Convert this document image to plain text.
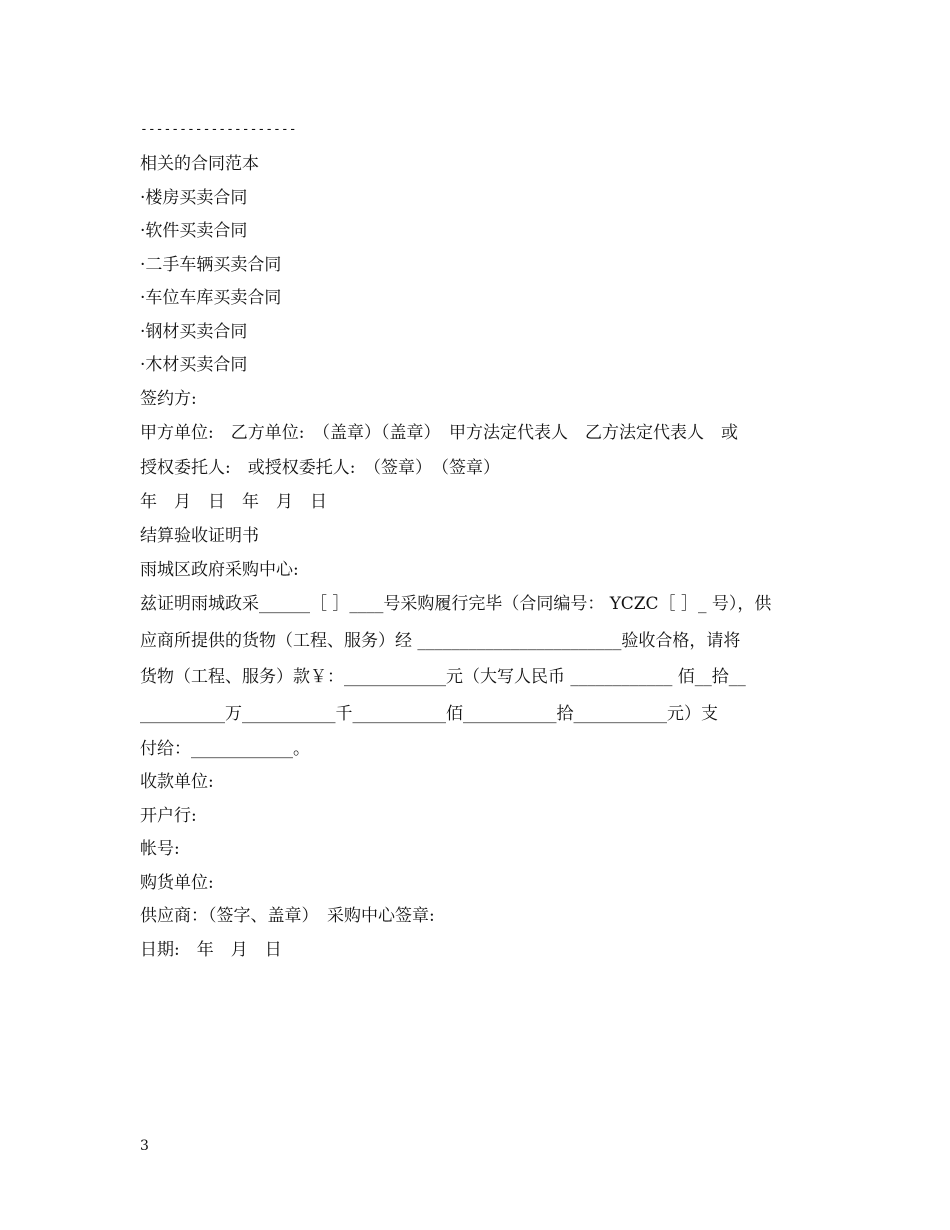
--------------------
相关的合同范本
·楼房买卖合同
·软件买卖合同
·二手车辆买卖合同
·车位车库买卖合同
·钢材买卖合同
·木材买卖合同
签约方:
甲方单位:　乙方单位:　（盖章）（盖章）　甲方法定代表人　乙方法定代表人　或
授权委托人:　或授权委托人:　（签章）　（签章）
年　月　日　年　月　日
结算验收证明书
雨城区政府采购中心:
兹证明雨城政采______［ ］____号采购履行完毕（合同编号： YCZC［ ］_ 号），供
应商所提供的货物（工程、服务）经 ________________________验收合格，请将
货物（工程、服务）款￥：____________元（大写人民币 ____________ 佰__拾__
__________万___________千___________佰___________拾___________元）支
付给：____________。
收款单位:
开户行:
帐号:
购货单位:
供应商：（签字、盖章）　采购中心签章:
日期:　年　月　日
3
